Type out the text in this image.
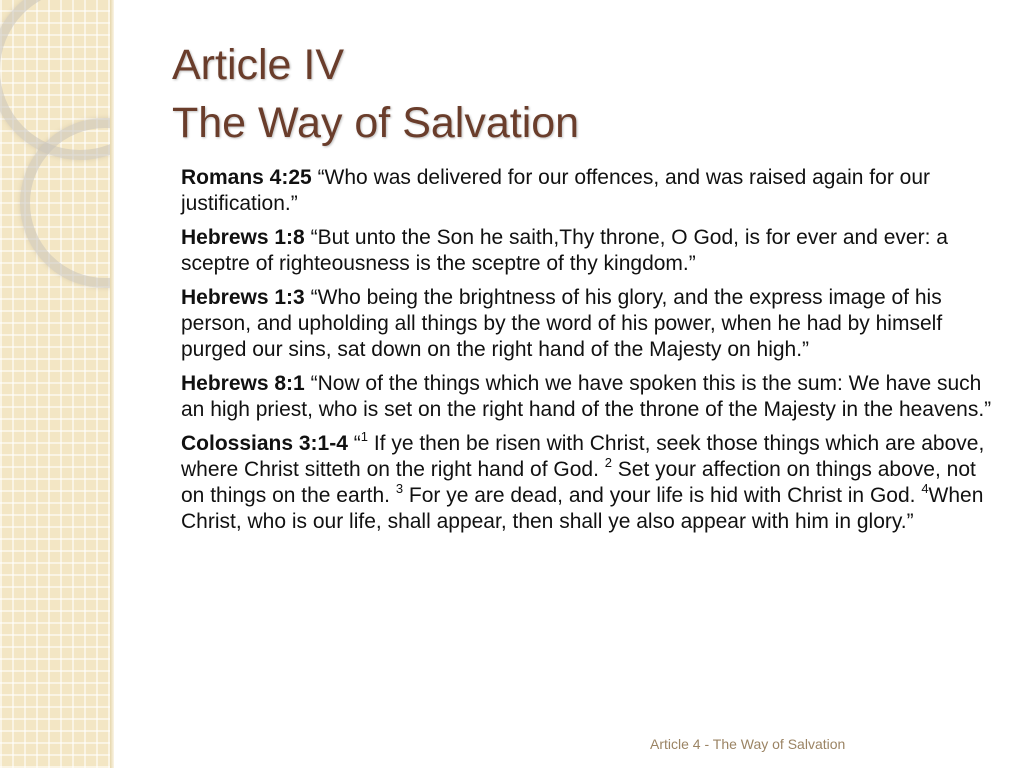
Article IV
The Way of Salvation

Romans 4:25 “Who was delivered for our offences, and was raised again for our justification.”

Hebrews 1:8 “But unto the Son he saith,Thy throne, O God, is for ever and ever: a sceptre of righteousness is the sceptre of thy kingdom.”

Hebrews 1:3 “Who being the brightness of his glory, and the express image of his person, and upholding all things by the word of his power, when he had by himself purged our sins, sat down on the right hand of the Majesty on high.”

Hebrews 8:1 “Now of the things which we have spoken this is the sum: We have such an high priest, who is set on the right hand of the throne of the Majesty in the heavens.”

Colossians 3:1-4 “$^1$ If ye then be risen with Christ, seek those things which are above, where Christ sitteth on the right hand of God. $^2$ Set your affection on things above, not on things on the earth. $^3$ For ye are dead, and your life is hid with Christ in God. $^4$When Christ, who is our life, shall appear, then shall ye also appear with him in glory.”

Article 4 - The Way of Salvation
